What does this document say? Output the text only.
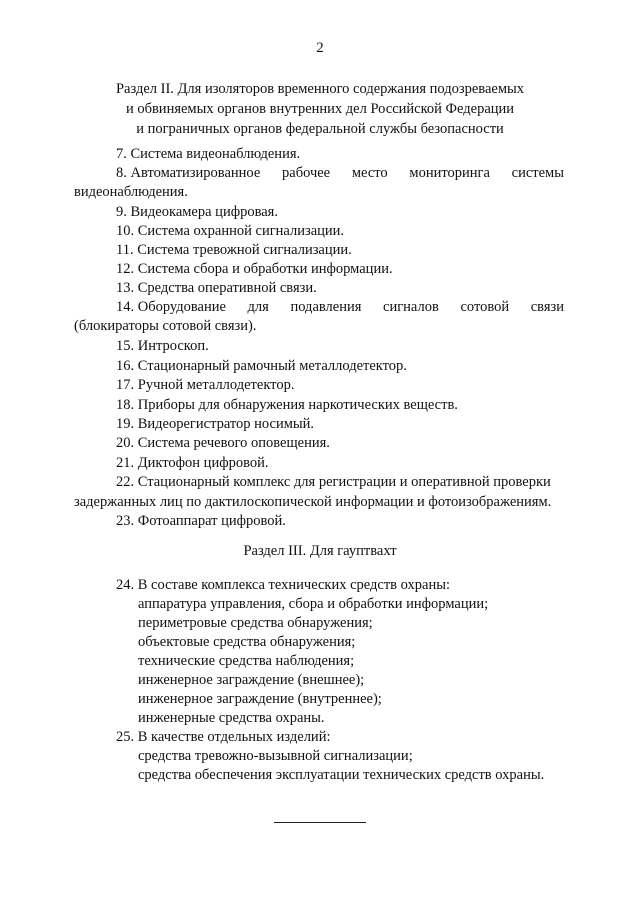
2
Раздел II. Для изоляторов временного содержания подозреваемых
и обвиняемых органов внутренних дел Российской Федерации
и пограничных органов федеральной службы безопасности
7. Система видеонаблюдения.
8. Автоматизированное рабочее место мониторинга системы
видеонаблюдения.
9. Видеокамера цифровая.
10. Система охранной сигнализации.
11. Система тревожной сигнализации.
12. Система сбора и обработки информации.
13. Средства оперативной связи.
14. Оборудование для подавления сигналов сотовой связи
(блокираторы сотовой связи).
15. Интроскоп.
16. Стационарный рамочный металлодетектор.
17. Ручной металлодетектор.
18. Приборы для обнаружения наркотических веществ.
19. Видеорегистратор носимый.
20. Система речевого оповещения.
21. Диктофон цифровой.
22. Стационарный комплекс для регистрации и оперативной проверки
задержанных лиц по дактилоскопической информации и фотоизображениям.
23. Фотоаппарат цифровой.
Раздел III. Для гауптвахт
24. В составе комплекса технических средств охраны:
аппаратура управления, сбора и обработки информации;
периметровые средства обнаружения;
объектовые средства обнаружения;
технические средства наблюдения;
инженерное заграждение (внешнее);
инженерное заграждение (внутреннее);
инженерные средства охраны.
25. В качестве отдельных изделий:
средства тревожно-вызывной сигнализации;
средства обеспечения эксплуатации технических средств охраны.
